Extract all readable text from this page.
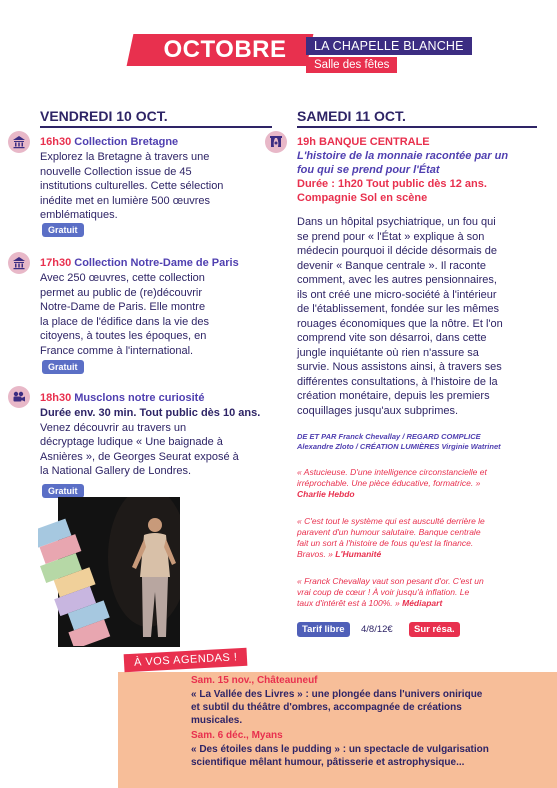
OCTOBRE	LA CHAPELLE BLANCHE
Salle des fêtes
VENDREDI 10 OCT.
16h30 Collection Bretagne
Explorez la Bretagne à travers une
nouvelle Collection issue de 45
institutions culturelles. Cette sélection
inédite met en lumière 500 œuvres
emblématiques.
Gratuit
17h30 Collection Notre-Dame de Paris
Avec 250 œuvres, cette collection
permet au public de (re)découvrir
Notre-Dame de Paris. Elle montre
la place de l'édifice dans la vie des
citoyens, à toutes les époques, en
France comme à l'international.
Gratuit
18h30 Musclons notre curiosité
Durée env. 30 min. Tout public dès 10 ans.
Venez découvrir au travers un
décryptage ludique « Une baignade à
Asnières », de Georges Seurat exposé à
la National Gallery de Londres.
Gratuit
SAMEDI 11 OCT.
19h BANQUE CENTRALE
L'histoire de la monnaie racontée par un
fou qui se prend pour l'État
Durée : 1h20 Tout public dès 12 ans.
Compagnie Sol en scène
Dans un hôpital psychiatrique, un fou qui
se prend pour « l'État » explique à son
médecin pourquoi il décide désormais de
devenir « Banque centrale ». Il raconte
comment, avec les autres pensionnaires,
ils ont créé une micro-société à l'intérieur
de l'établissement, fondée sur les mêmes
rouages économiques que la nôtre. Et l'on
comprend vite son désarroi, dans cette
jungle inquiétante où rien n'assure sa
survie. Nous assistons ainsi, à travers ses
différentes consultations, à l'histoire de la
création monétaire, depuis les premiers
coquillages jusqu'aux subprimes.
DE ET PAR Franck Chevallay / REGARD COMPLICE
Alexandre Zloto / CRÉATION LUMIÈRES Virginie Watrinet
« Astucieuse. D'une intelligence circonstancielle et
irréprochable. Une pièce éducative, formatrice. »
Charlie Hebdo
« C'est tout le système qui est ausculté derrière le
paravent d'un humour salutaire. Banque centrale
fait un sort à l'histoire de fous qu'est la finance.
Bravos. » L'Humanité
« Franck Chevallay vaut son pesant d'or. C'est un
vrai coup de cœur ! À voir jusqu'à inflation. Le
taux d'intérêt est à 100%. » Médiapart
Tarif libre	4/8/12€	Sur résa.
À VOS AGENDAS !
Sam. 15 nov., Châteauneuf
« La Vallée des Livres » : une plongée dans l'univers onirique
et subtil du théâtre d'ombres, accompagnée de créations
musicales.
Sam. 6 déc., Myans
« Des étoiles dans le pudding » : un spectacle de vulgarisation
scientifique mêlant humour, pâtisserie et astrophysique...
